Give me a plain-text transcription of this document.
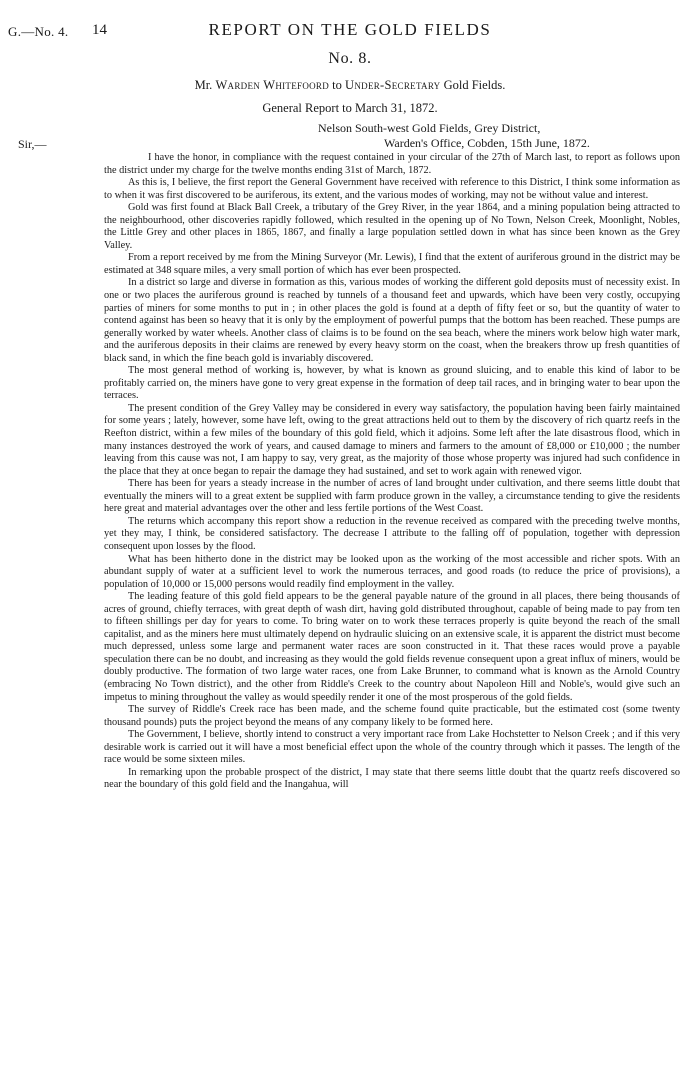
G.—No. 4. 14	REPORT ON THE GOLD FIELDS
No. 8.
Mr. Warden Whitefoord to Under-Secretary Gold Fields.
General Report to March 31, 1872.
Nelson South-west Gold Fields, Grey District,
Warden's Office, Cobden, 15th June, 1872.
Sir,—

I have the honor, in compliance with the request contained in your circular of the 27th of March last, to report as follows upon the district under my charge for the twelve months ending 31st of March, 1872.

As this is, I believe, the first report the General Government have received with reference to this District, I think some information as to when it was first discovered to be auriferous, its extent, and the various modes of working, may not be without value and interest.

Gold was first found at Black Ball Creek, a tributary of the Grey River, in the year 1864, and a mining population being attracted to the neighbourhood, other discoveries rapidly followed, which resulted in the opening up of No Town, Nelson Creek, Moonlight, Nobles, the Little Grey and other places in 1865, 1867, and finally a large population settled down in what has since been known as the Grey Valley.

From a report received by me from the Mining Surveyor (Mr. Lewis), I find that the extent of auriferous ground in the district may be estimated at 348 square miles, a very small portion of which has ever been prospected.

In a district so large and diverse in formation as this, various modes of working the different gold deposits must of necessity exist. In one or two places the auriferous ground is reached by tunnels of a thousand feet and upwards, which have been very costly, occupying parties of miners for some months to put in ; in other places the gold is found at a depth of fifty feet or so, but the quantity of water to contend against has been so heavy that it is only by the employment of powerful pumps that the bottom has been reached. These pumps are generally worked by water wheels. Another class of claims is to be found on the sea beach, where the miners work below high water mark, and the auriferous deposits in their claims are renewed by every heavy storm on the coast, when the breakers throw up fresh quantities of black sand, in which the fine beach gold is invariably discovered.

The most general method of working is, however, by what is known as ground sluicing, and to enable this kind of labor to be profitably carried on, the miners have gone to very great expense in the formation of deep tail races, and in bringing water to bear upon the terraces.

The present condition of the Grey Valley may be considered in every way satisfactory, the population having been fairly maintained for some years ; lately, however, some have left, owing to the great attractions held out to them by the discovery of rich quartz reefs in the Reefton district, within a few miles of the boundary of this gold field, which it adjoins. Some left after the late disastrous flood, which in many instances destroyed the work of years, and caused damage to miners and farmers to the amount of £8,000 or £10,000 ; the number leaving from this cause was not, I am happy to say, very great, as the majority of those whose property was injured had such confidence in the place that they at once began to repair the damage they had sustained, and set to work again with renewed vigor.

There has been for years a steady increase in the number of acres of land brought under cultivation, and there seems little doubt that eventually the miners will to a great extent be supplied with farm produce grown in the valley, a circumstance tending to give the residents here great and material advantages over the other and less fertile portions of the West Coast.

The returns which accompany this report show a reduction in the revenue received as compared with the preceding twelve months, yet they may, I think, be considered satisfactory. The decrease I attribute to the falling off of population, together with depression consequent upon losses by the flood.

What has been hitherto done in the district may be looked upon as the working of the most accessible and richer spots. With an abundant supply of water at a sufficient level to work the numerous terraces, and good roads (to reduce the price of provisions), a population of 10,000 or 15,000 persons would readily find employment in the valley.

The leading feature of this gold field appears to be the general payable nature of the ground in all places, there being thousands of acres of ground, chiefly terraces, with great depth of wash dirt, having gold distributed throughout, capable of being made to pay from ten to fifteen shillings per day for years to come. To bring water on to work these terraces properly is quite beyond the reach of the small capitalist, and as the miners here must ultimately depend on hydraulic sluicing on an extensive scale, it is apparent the district must become much depressed, unless some large and permanent water races are soon constructed in it. That these races would prove a payable speculation there can be no doubt, and increasing as they would the gold fields revenue consequent upon a great influx of miners, would be doubly productive. The formation of two large water races, one from Lake Brunner, to command what is known as the Arnold Country (embracing No Town district), and the other from Riddle's Creek to the country about Napoleon Hill and Noble's, would give such an impetus to mining throughout the valley as would speedily render it one of the most prosperous of the gold fields.

The survey of Riddle's Creek race has been made, and the scheme found quite practicable, but the estimated cost (some twenty thousand pounds) puts the project beyond the means of any company likely to be formed here.

The Government, I believe, shortly intend to construct a very important race from Lake Hochstetter to Nelson Creek ; and if this very desirable work is carried out it will have a most beneficial effect upon the whole of the country through which it passes. The length of the race would be some sixteen miles.

In remarking upon the probable prospect of the district, I may state that there seems little doubt that the quartz reefs discovered so near the boundary of this gold field and the Inangahua, will
